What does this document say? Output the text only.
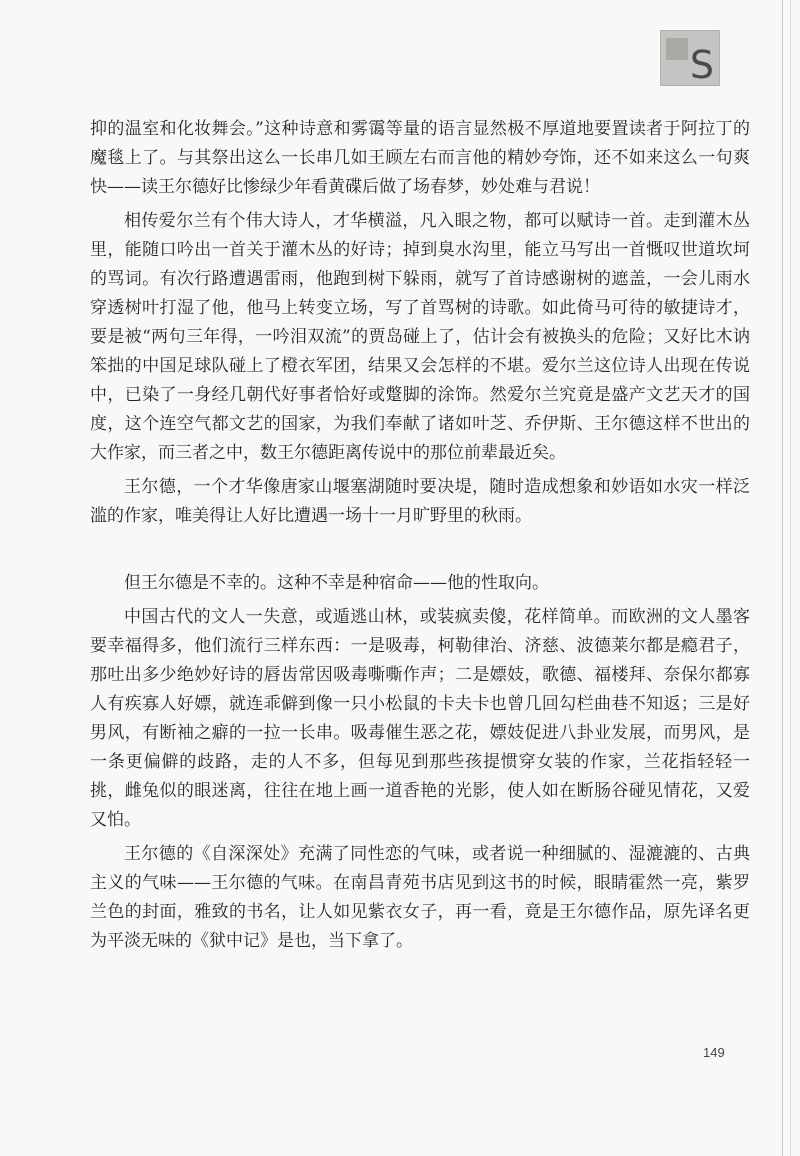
S

抑的温室和化妆舞会。”这种诗意和雾霭等量的语言显然极不厚道地要置读者于阿拉丁的魔毯上了。与其祭出这么一长串几如王顾左右而言他的精妙夸饰，还不如来这么一句爽快——读王尔德好比惨绿少年看黄碟后做了场春梦，妙处难与君说！

相传爱尔兰有个伟大诗人，才华横溢，凡入眼之物，都可以赋诗一首。走到灌木丛里，能随口吟出一首关于灌木丛的好诗；掉到臭水沟里，能立马写出一首慨叹世道坎坷的骂词。有次行路遭遇雷雨，他跑到树下躲雨，就写了首诗感谢树的遮盖，一会儿雨水穿透树叶打湿了他，他马上转变立场，写了首骂树的诗歌。如此倚马可待的敏捷诗才，要是被“两句三年得，一吟泪双流”的贾岛碰上了，估计会有被换头的危险；又好比木讷笨拙的中国足球队碰上了橙衣军团，结果又会怎样的不堪。爱尔兰这位诗人出现在传说中，已染了一身经几朝代好事者恰好或蹩脚的涂饰。然爱尔兰究竟是盛产文艺天才的国度，这个连空气都文艺的国家，为我们奉献了诸如叶芝、乔伊斯、王尔德这样不世出的大作家，而三者之中，数王尔德距离传说中的那位前辈最近矣。

王尔德，一个才华像唐家山堰塞湖随时要决堤，随时造成想象和妙语如水灾一样泛滥的作家，唯美得让人好比遭遇一场十一月旷野里的秋雨。

但王尔德是不幸的。这种不幸是种宿命——他的性取向。

中国古代的文人一失意，或遁逃山林，或装疯卖傻，花样简单。而欧洲的文人墨客要幸福得多，他们流行三样东西：一是吸毒，柯勒律治、济慈、波德莱尔都是瘾君子，那吐出多少绝妙好诗的唇齿常因吸毒嘶嘶作声；二是嫖妓，歌德、福楼拜、奈保尔都寡人有疾寡人好嫖，就连乖僻到像一只小松鼠的卡夫卡也曾几回勾栏曲巷不知返；三是好男风，有断袖之癖的一拉一长串。吸毒催生恶之花，嫖妓促进八卦业发展，而男风，是一条更偏僻的歧路，走的人不多，但每见到那些孩提惯穿女装的作家，兰花指轻轻一挑，雌兔似的眼迷离，往往在地上画一道香艳的光影，使人如在断肠谷碰见情花，又爱又怕。

王尔德的《自深深处》充满了同性恋的气味，或者说一种细腻的、湿漉漉的、古典主义的气味——王尔德的气味。在南昌青苑书店见到这书的时候，眼睛霍然一亮，紫罗兰色的封面，雅致的书名，让人如见紫衣女子，再一看，竟是王尔德作品，原先译名更为平淡无味的《狱中记》是也，当下拿了。

149
